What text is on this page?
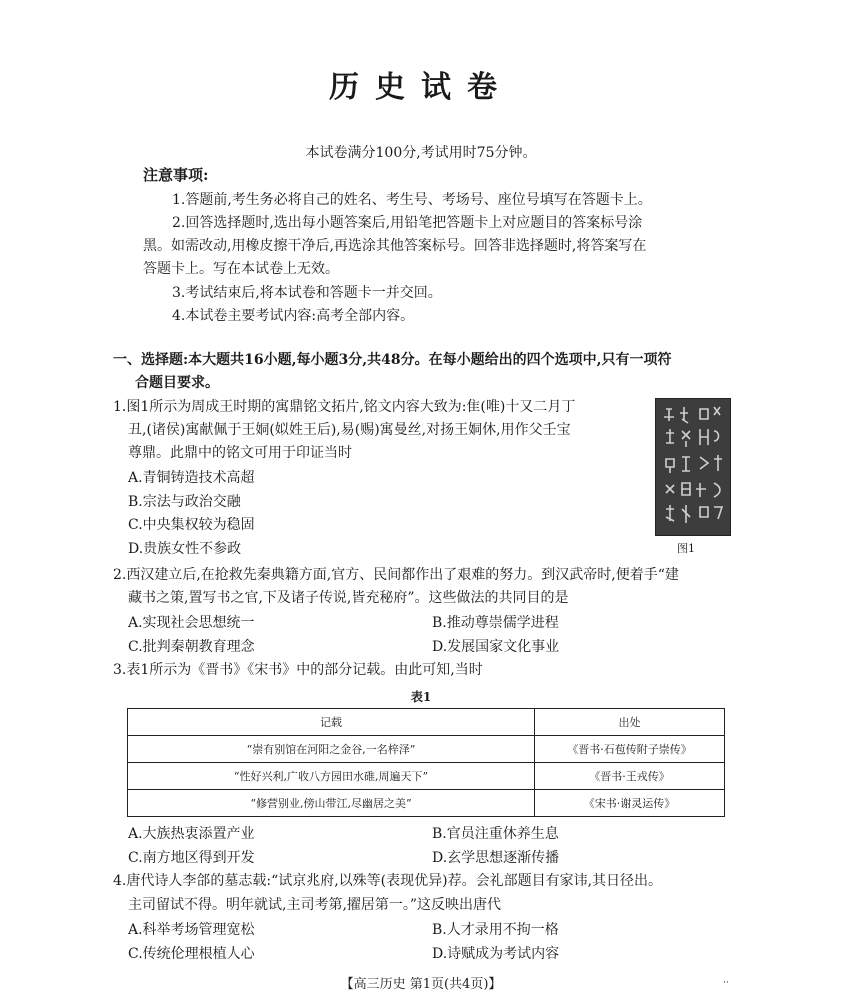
历史试卷
本试卷满分100分,考试用时75分钟。
注意事项:
1.答题前,考生务必将自己的姓名、考生号、考场号、座位号填写在答题卡上。
2.回答选择题时,选出每小题答案后,用铅笔把答题卡上对应题目的答案标号涂
黑。如需改动,用橡皮擦干净后,再选涂其他答案标号。回答非选择题时,将答案写在
答题卡上。写在本试卷上无效。
3.考试结束后,将本试卷和答题卡一并交回。
4.本试卷主要考试内容:高考全部内容。
一、选择题:本大题共16小题,每小题3分,共48分。在每小题给出的四个选项中,只有一项符
合题目要求。
1.图1所示为周成王时期的寓鼎铭文拓片,铭文内容大致为:隹(唯)十又二月丁
丑,(诸侯)寓献佩于王姛(姒姓王后),易(赐)寓曼丝,对扬王姛休,用作父壬宝
尊鼎。此鼎中的铭文可用于印证当时
A.青铜铸造技术高超
B.宗法与政治交融
C.中央集权较为稳固
D.贵族女性不参政	图1
2.西汉建立后,在抢救先秦典籍方面,官方、民间都作出了艰难的努力。到汉武帝时,便着手“建
藏书之策,置写书之官,下及诸子传说,皆充秘府”。这些做法的共同目的是
A.实现社会思想统一	B.推动尊崇儒学进程
C.批判秦朝教育理念	D.发展国家文化事业
3.表1所示为《晋书》《宋书》中的部分记载。由此可知,当时
表1
记载	出处
“崇有别馆在河阳之金谷,一名梓泽”	《晋书·石苞传附子崇传》
“性好兴利,广收八方园田水碓,周遍天下”	《晋书·王戎传》
“修营别业,傍山带江,尽幽居之美”	《宋书·谢灵运传》
A.大族热衷添置产业	B.官员注重休养生息
C.南方地区得到开发	D.玄学思想逐渐传播
4.唐代诗人李郃的墓志载:“试京兆府,以殊等(表现优异)荐。会礼部题目有家讳,其日径出。
主司留试不得。明年就试,主司考第,擢居第一。”这反映出唐代
A.科举考场管理宽松	B.人才录用不拘一格
C.传统伦理根植人心	D.诗赋成为考试内容
【高三历史 第1页(共4页)】	··
